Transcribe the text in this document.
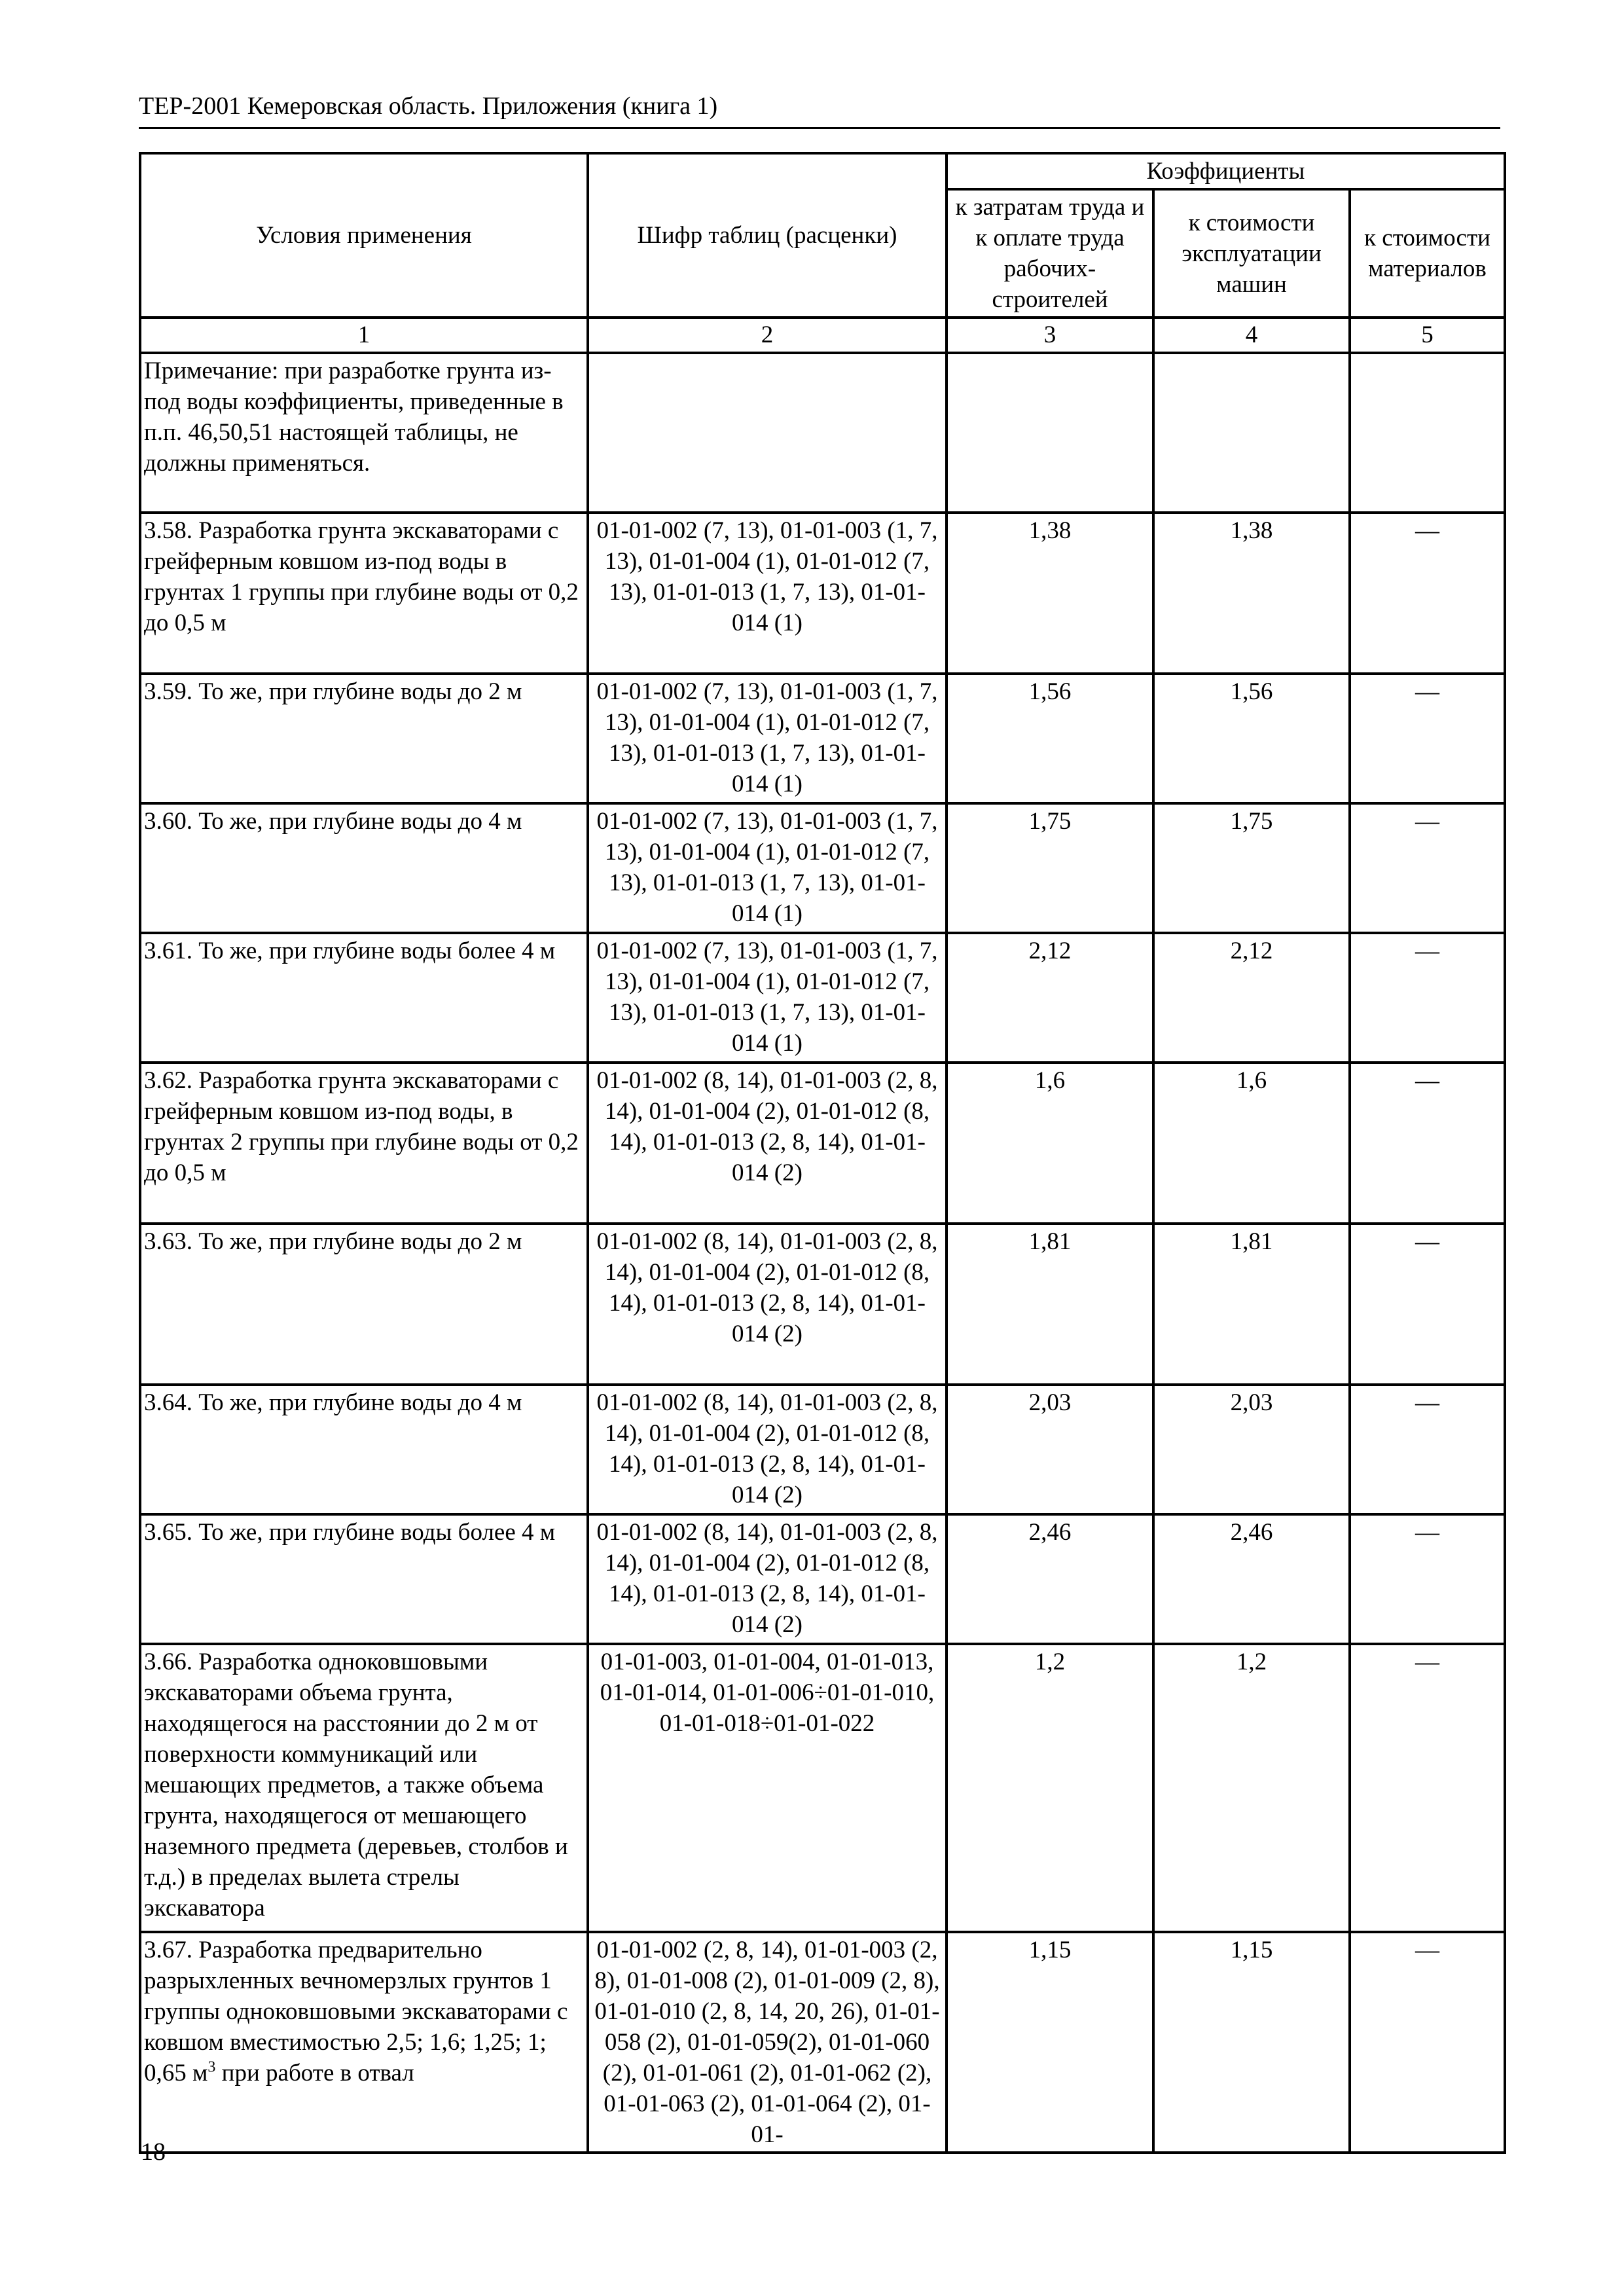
ТЕР-2001 Кемеровская область. Приложения (книга 1)
Условия применения	Шифр таблиц (расценки)	Коэффициенты		
		к затратам труда и к оплате труда рабочих-строителей	к стоимости эксплуатации машин	к стоимости материалов
1	2	3	4	5
Примечание: при разработке грунта из-под воды коэффициенты, приведенные в п.п. 46,50,51 настоящей таблицы, не должны применяться.				
3.58. Разработка грунта экскаваторами с грейферным ковшом из-под воды в грунтах 1 группы при глубине воды от 0,2 до 0,5 м	01-01-002 (7, 13), 01-01-003 (1, 7, 13), 01-01-004 (1), 01-01-012 (7, 13), 01-01-013 (1, 7, 13), 01-01-014 (1)	1,38	1,38	—
3.59. То же, при глубине воды до 2 м	01-01-002 (7, 13), 01-01-003 (1, 7, 13), 01-01-004 (1), 01-01-012 (7, 13), 01-01-013 (1, 7, 13), 01-01-014 (1)	1,56	1,56	—
3.60. То же, при глубине воды до 4 м	01-01-002 (7, 13), 01-01-003 (1, 7, 13), 01-01-004 (1), 01-01-012 (7, 13), 01-01-013 (1, 7, 13), 01-01-014 (1)	1,75	1,75	—
3.61. То же, при глубине воды более 4 м	01-01-002 (7, 13), 01-01-003 (1, 7, 13), 01-01-004 (1), 01-01-012 (7, 13), 01-01-013 (1, 7, 13), 01-01-014 (1)	2,12	2,12	—
3.62. Разработка грунта экскаваторами с грейферным ковшом из-под воды, в грунтах 2 группы при глубине воды от 0,2 до 0,5 м	01-01-002 (8, 14), 01-01-003 (2, 8, 14), 01-01-004 (2), 01-01-012 (8, 14), 01-01-013 (2, 8, 14), 01-01-014 (2)	1,6	1,6	—
3.63. То же, при глубине воды до 2 м	01-01-002 (8, 14), 01-01-003 (2, 8, 14), 01-01-004 (2), 01-01-012 (8, 14), 01-01-013 (2, 8, 14), 01-01-014 (2)	1,81	1,81	—
3.64. То же, при глубине воды до 4 м	01-01-002 (8, 14), 01-01-003 (2, 8, 14), 01-01-004 (2), 01-01-012 (8, 14), 01-01-013 (2, 8, 14), 01-01-014 (2)	2,03	2,03	—
3.65. То же, при глубине воды более 4 м	01-01-002 (8, 14), 01-01-003 (2, 8, 14), 01-01-004 (2), 01-01-012 (8, 14), 01-01-013 (2, 8, 14), 01-01-014 (2)	2,46	2,46	—
3.66. Разработка одноковшовыми экскаваторами объема грунта, находящегося на расстоянии до 2 м от поверхности коммуникаций или мешающих предметов, а также объема грунта, находящегося от мешающего наземного предмета (деревьев, столбов и т.д.) в пределах вылета стрелы экскаватора	01-01-003, 01-01-004, 01-01-013, 01-01-014, 01-01-006÷01-01-010, 01-01-018÷01-01-022	1,2	1,2	—
3.67. Разработка предварительно разрыхленных вечномерзлых грунтов 1 группы одноковшовыми экскаваторами с ковшом вместимостью 2,5; 1,6; 1,25; 1; 0,65 $м^3$ при работе в отвал	01-01-002 (2, 8, 14), 01-01-003 (2, 8), 01-01-008 (2), 01-01-009 (2, 8), 01-01-010 (2, 8, 14, 20, 26), 01-01-058 (2), 01-01-059(2), 01-01-060 (2), 01-01-061 (2), 01-01-062 (2), 01-01-063 (2), 01-01-064 (2), 01-01-	1,15	1,15	—
18
